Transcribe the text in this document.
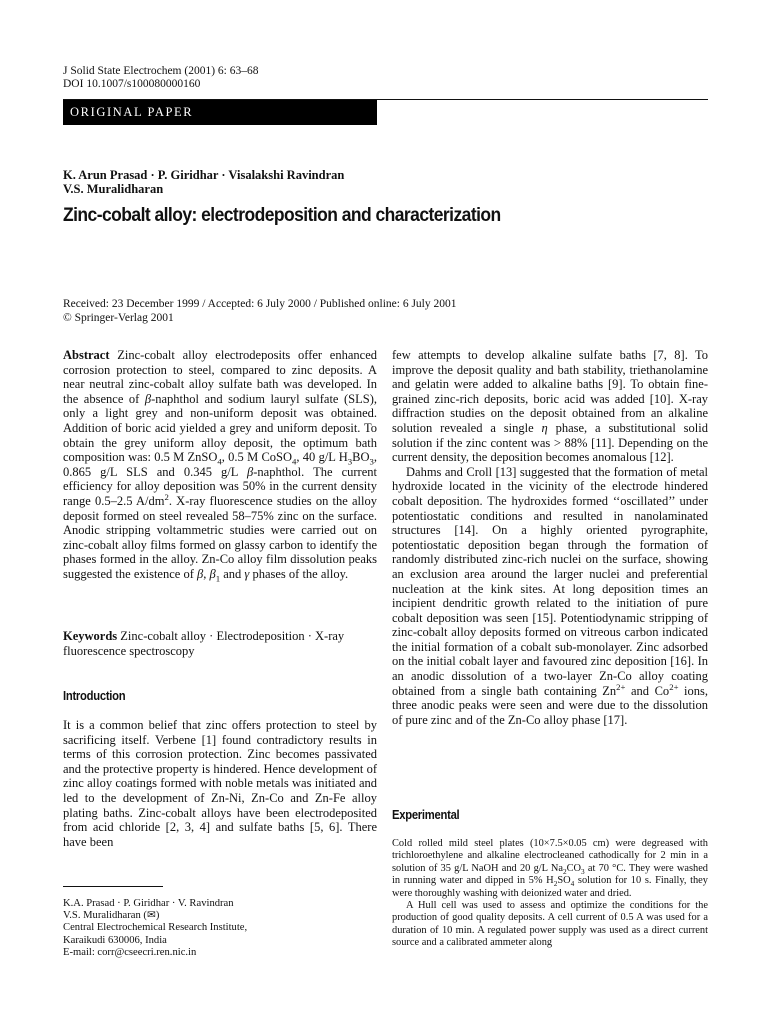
J Solid State Electrochem (2001) 6: 63–68
DOI 10.1007/s100080000160
ORIGINAL PAPER
K. Arun Prasad · P. Giridhar · Visalakshi Ravindran
V.S. Muralidharan
Zinc-cobalt alloy: electrodeposition and characterization
Received: 23 December 1999 / Accepted: 6 July 2000 / Published online: 6 July 2001
© Springer-Verlag 2001

Abstract Zinc-cobalt alloy electrodeposits offer enhanced corrosion protection to steel, compared to zinc deposits. A near neutral zinc-cobalt alloy sulfate bath was developed. In the absence of β-naphthol and sodium lauryl sulfate (SLS), only a light grey and non-uniform deposit was obtained. Addition of boric acid yielded a grey and uniform deposit. To obtain the grey uniform alloy deposit, the optimum bath composition was: 0.5 M ZnSO$_4$, 0.5 M CoSO$_4$, 40 g/L $H_3BO_3$, 0.865 g/L SLS and 0.345 g/L β-naphthol. The current efficiency for alloy deposition was 50% in the current density range 0.5–2.5 $A/dm^2$. X-ray fluorescence studies on the alloy deposit formed on steel revealed 58–75% zinc on the surface. Anodic stripping voltammetric studies were carried out on zinc-cobalt alloy films formed on glassy carbon to identify the phases formed in the alloy. Zn-Co alloy film dissolution peaks suggested the existence of β, $\beta_1$ and γ phases of the alloy.

Keywords Zinc-cobalt alloy · Electrodeposition · X-ray fluorescence spectroscopy
Introduction

It is a common belief that zinc offers protection to steel by sacrificing itself. Verbene [1] found contradictory results in terms of this corrosion protection. Zinc becomes passivated and the protective property is hindered. Hence development of zinc alloy coatings formed with noble metals was initiated and led to the development of Zn-Ni, Zn-Co and Zn-Fe alloy plating baths. Zinc-cobalt alloys have been electrodeposited from acid chloride [2, 3, 4] and sulfate baths [5, 6]. There have been

K.A. Prasad · P. Giridhar · V. Ravindran
V.S. Muralidharan (✉)
Central Electrochemical Research Institute,
Karaikudi 630006, India
E-mail: corr@cseecri.ren.nic.in

few attempts to develop alkaline sulfate baths [7, 8]. To improve the deposit quality and bath stability, triethanolamine and gelatin were added to alkaline baths [9]. To obtain fine-grained zinc-rich deposits, boric acid was added [10]. X-ray diffraction studies on the deposit obtained from an alkaline solution revealed a single η phase, a substitutional solid solution if the zinc content was > 88% [11]. Depending on the current density, the deposition becomes anomalous [12].

Dahms and Croll [13] suggested that the formation of metal hydroxide located in the vicinity of the electrode hindered cobalt deposition. The hydroxides formed ‘‘oscillated’’ under potentiostatic conditions and resulted in nanolaminated structures [14]. On a highly oriented pyrographite, potentiostatic deposition began through the formation of randomly distributed zinc-rich nuclei on the surface, showing an exclusion area around the larger nuclei and preferential nucleation at the kink sites. At long deposition times an incipient dendritic growth related to the initiation of pure cobalt deposition was seen [15]. Potentiodynamic stripping of zinc-cobalt alloy deposits formed on vitreous carbon indicated the initial formation of a cobalt sub-monolayer. Zinc adsorbed on the initial cobalt layer and favoured zinc deposition [16]. In an anodic dissolution of a two-layer Zn-Co alloy coating obtained from a single bath containing $Zn^{2+}$ and $Co^{2+}$ ions, three anodic peaks were seen and were due to the dissolution of pure zinc and of the Zn-Co alloy phase [17].

Experimental

Cold rolled mild steel plates (10×7.5×0.05 cm) were degreased with trichloroethylene and alkaline electrocleaned cathodically for 2 min in a solution of 35 g/L NaOH and 20 g/L $Na_2CO_3$ at 70 °C. They were washed in running water and dipped in 5% $H_2SO_4$ solution for 10 s. Finally, they were thoroughly washing with deionized water and dried.

A Hull cell was used to assess and optimize the conditions for the production of good quality deposits. A cell current of 0.5 A was used for a duration of 10 min. A regulated power supply was used as a direct current source and a calibrated ammeter along
